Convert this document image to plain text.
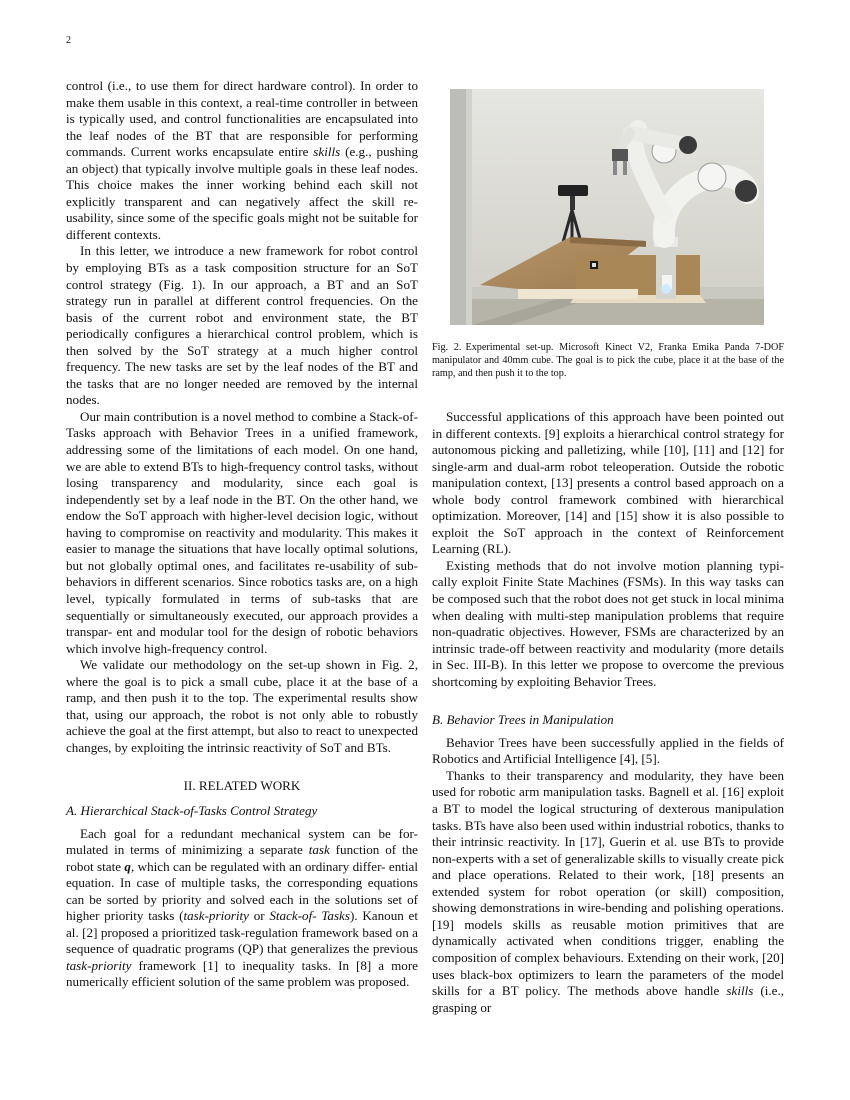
2

control (i.e., to use them for direct hardware control). In order to make them usable in this context, a real-time controller in between is typically used, and control functionalities are encapsulated into the leaf nodes of the BT that are responsible for performing commands. Current works encapsulate entire skills (e.g., pushing an object) that typically involve multiple goals in these leaf nodes. This choice makes the inner working behind each skill not explicitly transparent and can negatively affect the skill re-usability, since some of the specific goals might not be suitable for different contexts.

In this letter, we introduce a new framework for robot control by employing BTs as a task composition structure for an SoT control strategy (Fig. 1). In our approach, a BT and an SoT strategy run in parallel at different control frequencies. On the basis of the current robot and environment state, the BT periodically configures a hierarchical control problem, which is then solved by the SoT strategy at a much higher control frequency. The new tasks are set by the leaf nodes of the BT and the tasks that are no longer needed are removed by the internal nodes.

Our main contribution is a novel method to combine a Stack-of-Tasks approach with Behavior Trees in a unified framework, addressing some of the limitations of each model. On one hand, we are able to extend BTs to high-frequency control tasks, without losing transparency and modularity, since each goal is independently set by a leaf node in the BT. On the other hand, we endow the SoT approach with higher-level decision logic, without having to compromise on reactivity and modularity. This makes it easier to manage the situations that have locally optimal solutions, but not globally optimal ones, and facilitates re-usability of sub-behaviors in different scenarios. Since robotics tasks are, on a high level, typically formulated in terms of sub-tasks that are sequentially or simultaneously executed, our approach provides a transpar- ent and modular tool for the design of robotic behaviors which involve high-frequency control.

We validate our methodology on the set-up shown in Fig. 2, where the goal is to pick a small cube, place it at the base of a ramp, and then push it to the top. The experimental results show that, using our approach, the robot is not only able to robustly achieve the goal at the first attempt, but also to react to unexpected changes, by exploiting the intrinsic reactivity of SoT and BTs.

II. RELATED WORK
A. Hierarchical Stack-of-Tasks Control Strategy

Each goal for a redundant mechanical system can be for- mulated in terms of minimizing a separate task function of the robot state q, which can be regulated with an ordinary differ- ential equation. In case of multiple tasks, the corresponding equations can be sorted by priority and solved each in the solutions set of higher priority tasks (task-priority or Stack-of- Tasks). Kanoun et al. [2] proposed a prioritized task-regulation framework based on a sequence of quadratic programs (QP) that generalizes the previous task-priority framework [1] to inequality tasks. In [8] a more numerically efficient solution of the same problem was proposed.

Fig. 2. Experimental set-up. Microsoft Kinect V2, Franka Emika Panda 7-DOF manipulator and 40mm cube. The goal is to pick the cube, place it at the base of the ramp, and then push it to the top.

Successful applications of this approach have been pointed out in different contexts. [9] exploits a hierarchical control strategy for autonomous picking and palletizing, while [10], [11] and [12] for single-arm and dual-arm robot teleoperation. Outside the robotic manipulation context, [13] presents a control based approach on a whole body control framework combined with hierarchical optimization. Moreover, [14] and [15] show it is also possible to exploit the SoT approach in the context of Reinforcement Learning (RL).

Existing methods that do not involve motion planning typi- cally exploit Finite State Machines (FSMs). In this way tasks can be composed such that the robot does not get stuck in local minima when dealing with multi-step manipulation problems that require non-quadratic objectives. However, FSMs are characterized by an intrinsic trade-off between reactivity and modularity (more details in Sec. III-B). In this letter we propose to overcome the previous shortcoming by exploiting Behavior Trees.

B. Behavior Trees in Manipulation

Behavior Trees have been successfully applied in the fields of Robotics and Artificial Intelligence [4], [5].

Thanks to their transparency and modularity, they have been used for robotic arm manipulation tasks. Bagnell et al. [16] exploit a BT to model the logical structuring of dexterous manipulation tasks. BTs have also been used within industrial robotics, thanks to their intrinsic reactivity. In [17], Guerin et al. use BTs to provide non-experts with a set of generalizable skills to visually create pick and place operations. Related to their work, [18] presents an extended system for robot operation (or skill) composition, showing demonstrations in wire-bending and polishing operations. [19] models skills as reusable motion primitives that are dynamically activated when conditions trigger, enabling the composition of complex behaviours. Extending on their work, [20] uses black-box optimizers to learn the parameters of the model skills for a BT policy. The methods above handle skills (i.e., grasping or
